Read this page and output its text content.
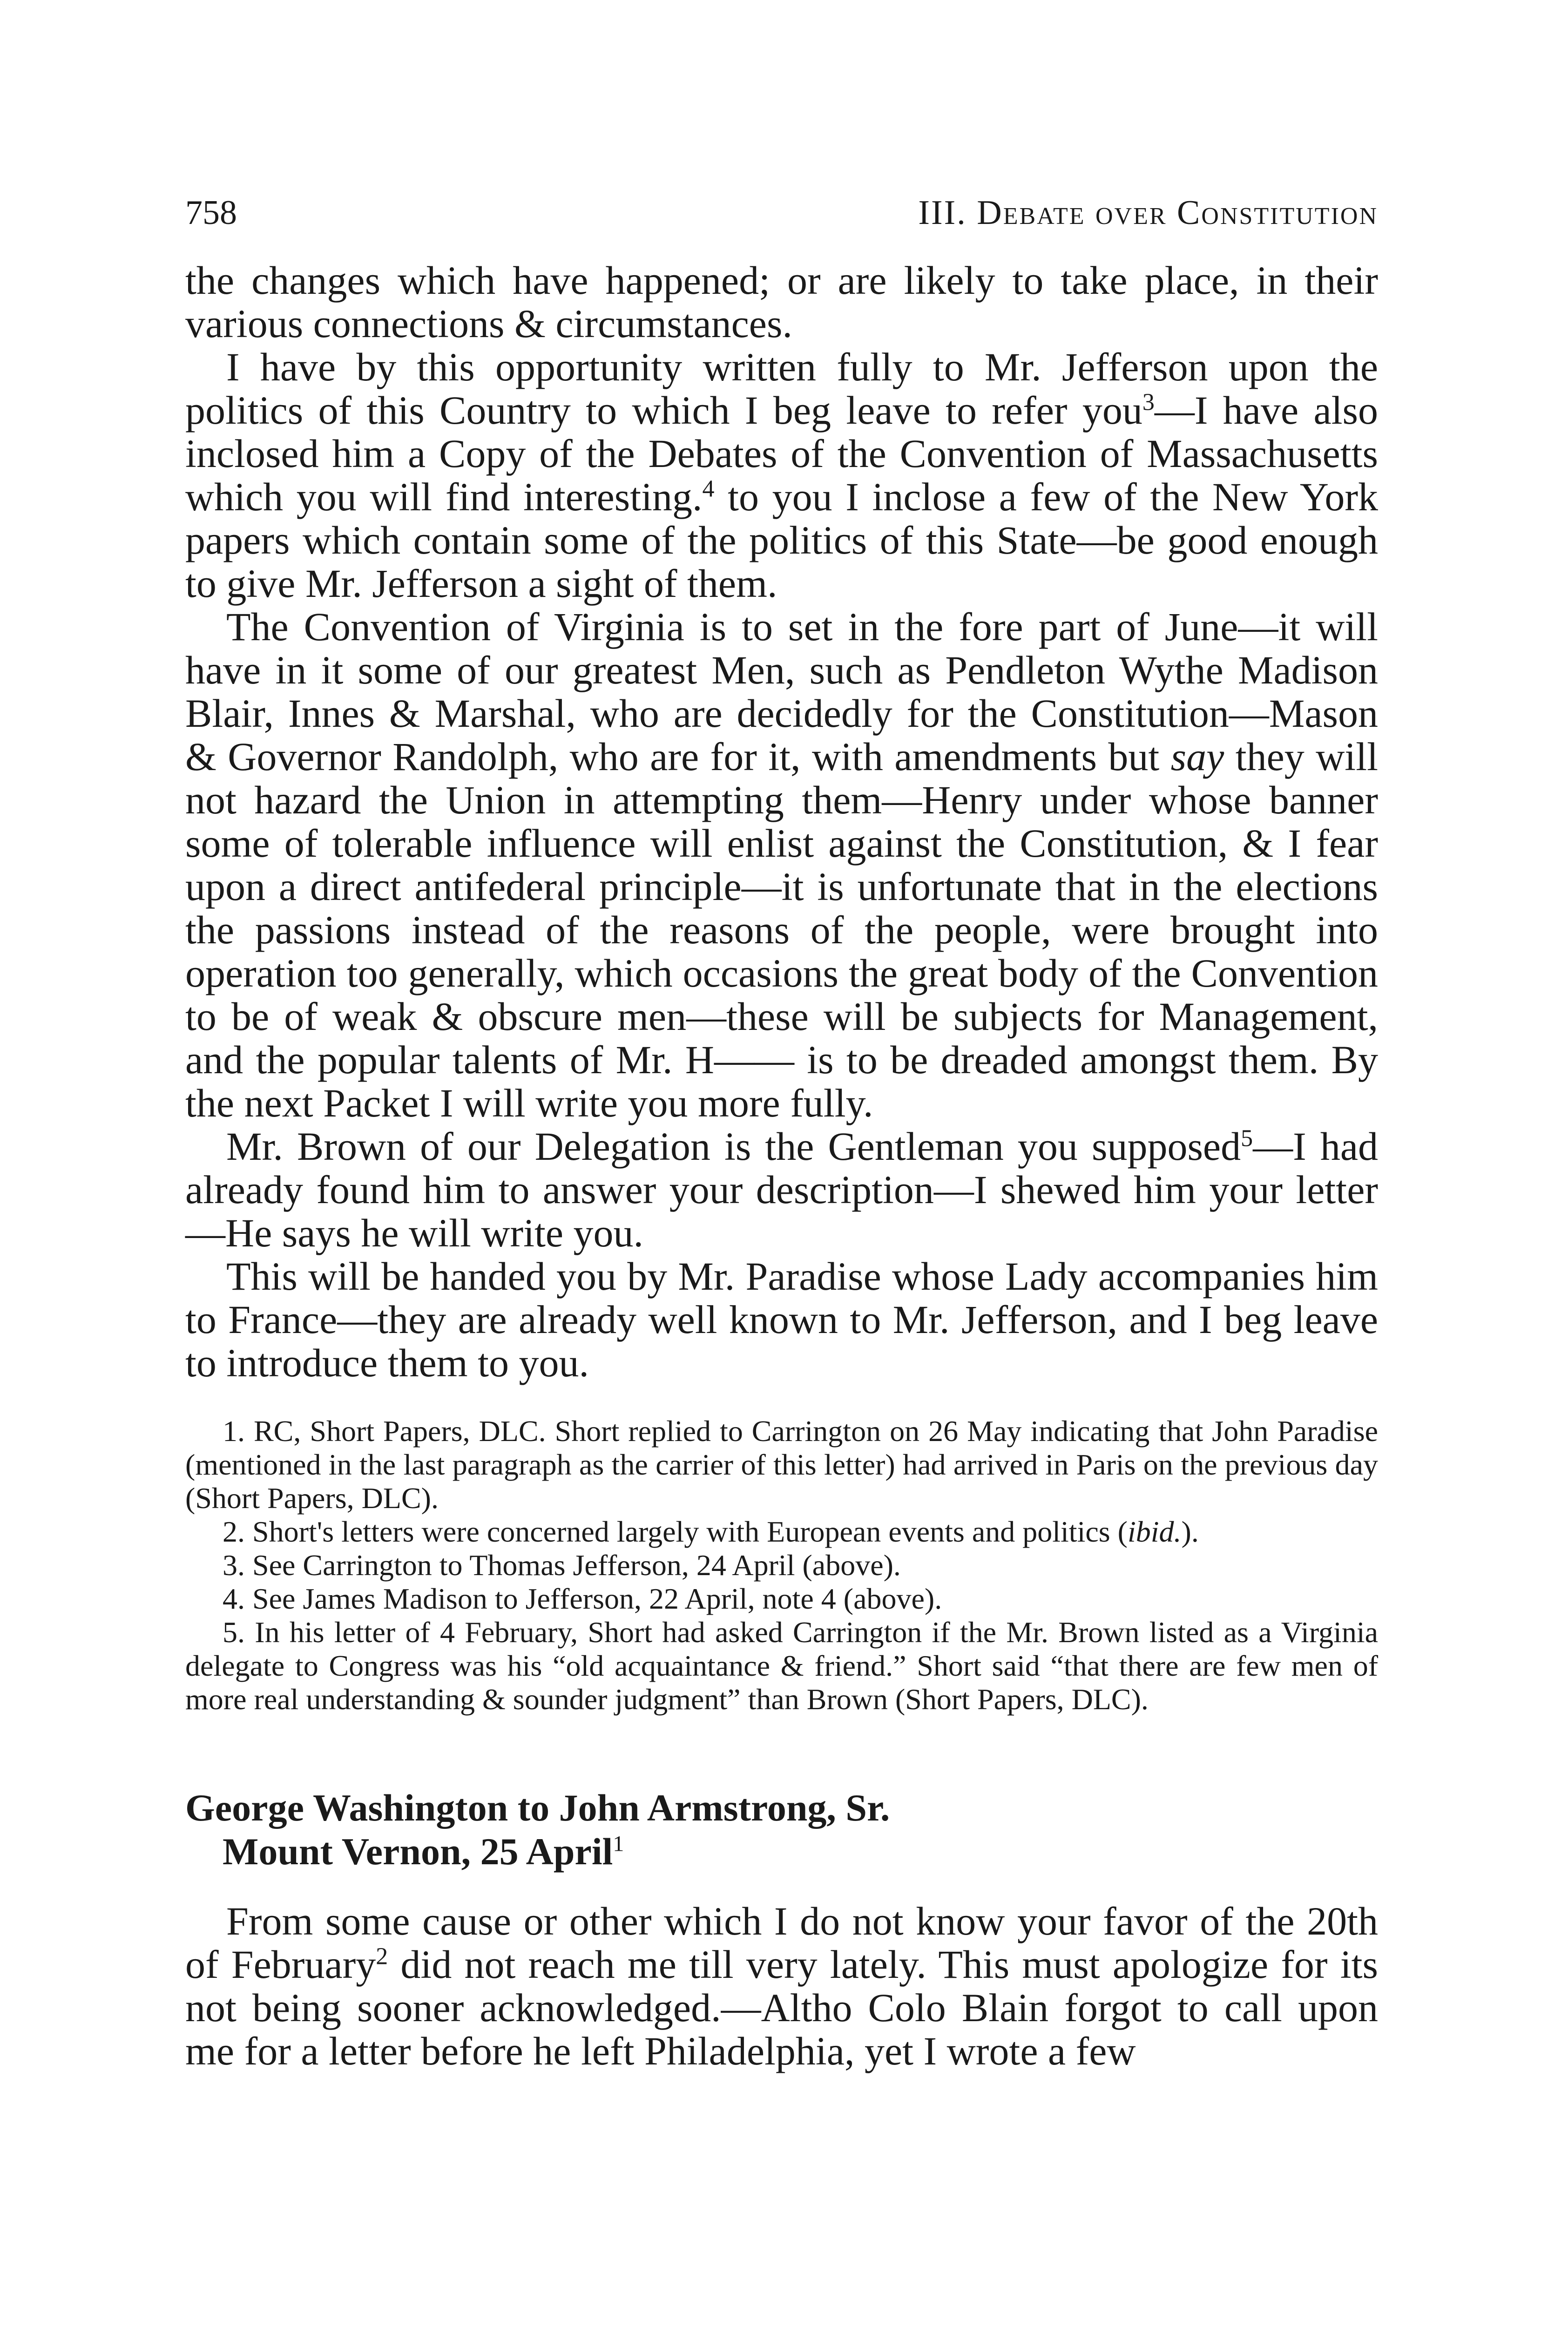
758	III. Debate over Constitution

the changes which have happened; or are likely to take place, in their various connections & circumstances.

I have by this opportunity written fully to Mr. Jefferson upon the politics of this Country to which I beg leave to refer you$^3$—I have also inclosed him a Copy of the Debates of the Convention of Massachusetts which you will find interesting.$^4$ to you I inclose a few of the New York papers which contain some of the politics of this State—be good enough to give Mr. Jefferson a sight of them.

The Convention of Virginia is to set in the fore part of June—it will have in it some of our greatest Men, such as Pendleton Wythe Madison Blair, Innes & Marshal, who are decidedly for the Constitution—Mason & Governor Randolph, who are for it, with amendments but say they will not hazard the Union in attempting them—Henry under whose banner some of tolerable influence will enlist against the Constitution, & I fear upon a direct antifederal principle—it is unfortunate that in the elections the passions instead of the reasons of the people, were brought into operation too generally, which occasions the great body of the Convention to be of weak & obscure men—these will be subjects for Management, and the popular talents of Mr. H—— is to be dreaded amongst them. By the next Packet I will write you more fully.

Mr. Brown of our Delegation is the Gentleman you supposed$^5$—I had already found him to answer your description—I shewed him your letter—He says he will write you.

This will be handed you by Mr. Paradise whose Lady accompanies him to France—they are already well known to Mr. Jefferson, and I beg leave to introduce them to you.

1. RC, Short Papers, DLC. Short replied to Carrington on 26 May indicating that John Paradise (mentioned in the last paragraph as the carrier of this letter) had arrived in Paris on the previous day (Short Papers, DLC).

2. Short's letters were concerned largely with European events and politics (ibid.).

3. See Carrington to Thomas Jefferson, 24 April (above).

4. See James Madison to Jefferson, 22 April, note 4 (above).

5. In his letter of 4 February, Short had asked Carrington if the Mr. Brown listed as a Virginia delegate to Congress was his “old acquaintance & friend.” Short said “that there are few men of more real understanding & sounder judgment” than Brown (Short Papers, DLC).

George Washington to John Armstrong, Sr.
Mount Vernon, 25 April$^1$

From some cause or other which I do not know your favor of the 20th of February$^2$ did not reach me till very lately. This must apologize for its not being sooner acknowledged.—Altho Colo Blain forgot to call upon me for a letter before he left Philadelphia, yet I wrote a few
